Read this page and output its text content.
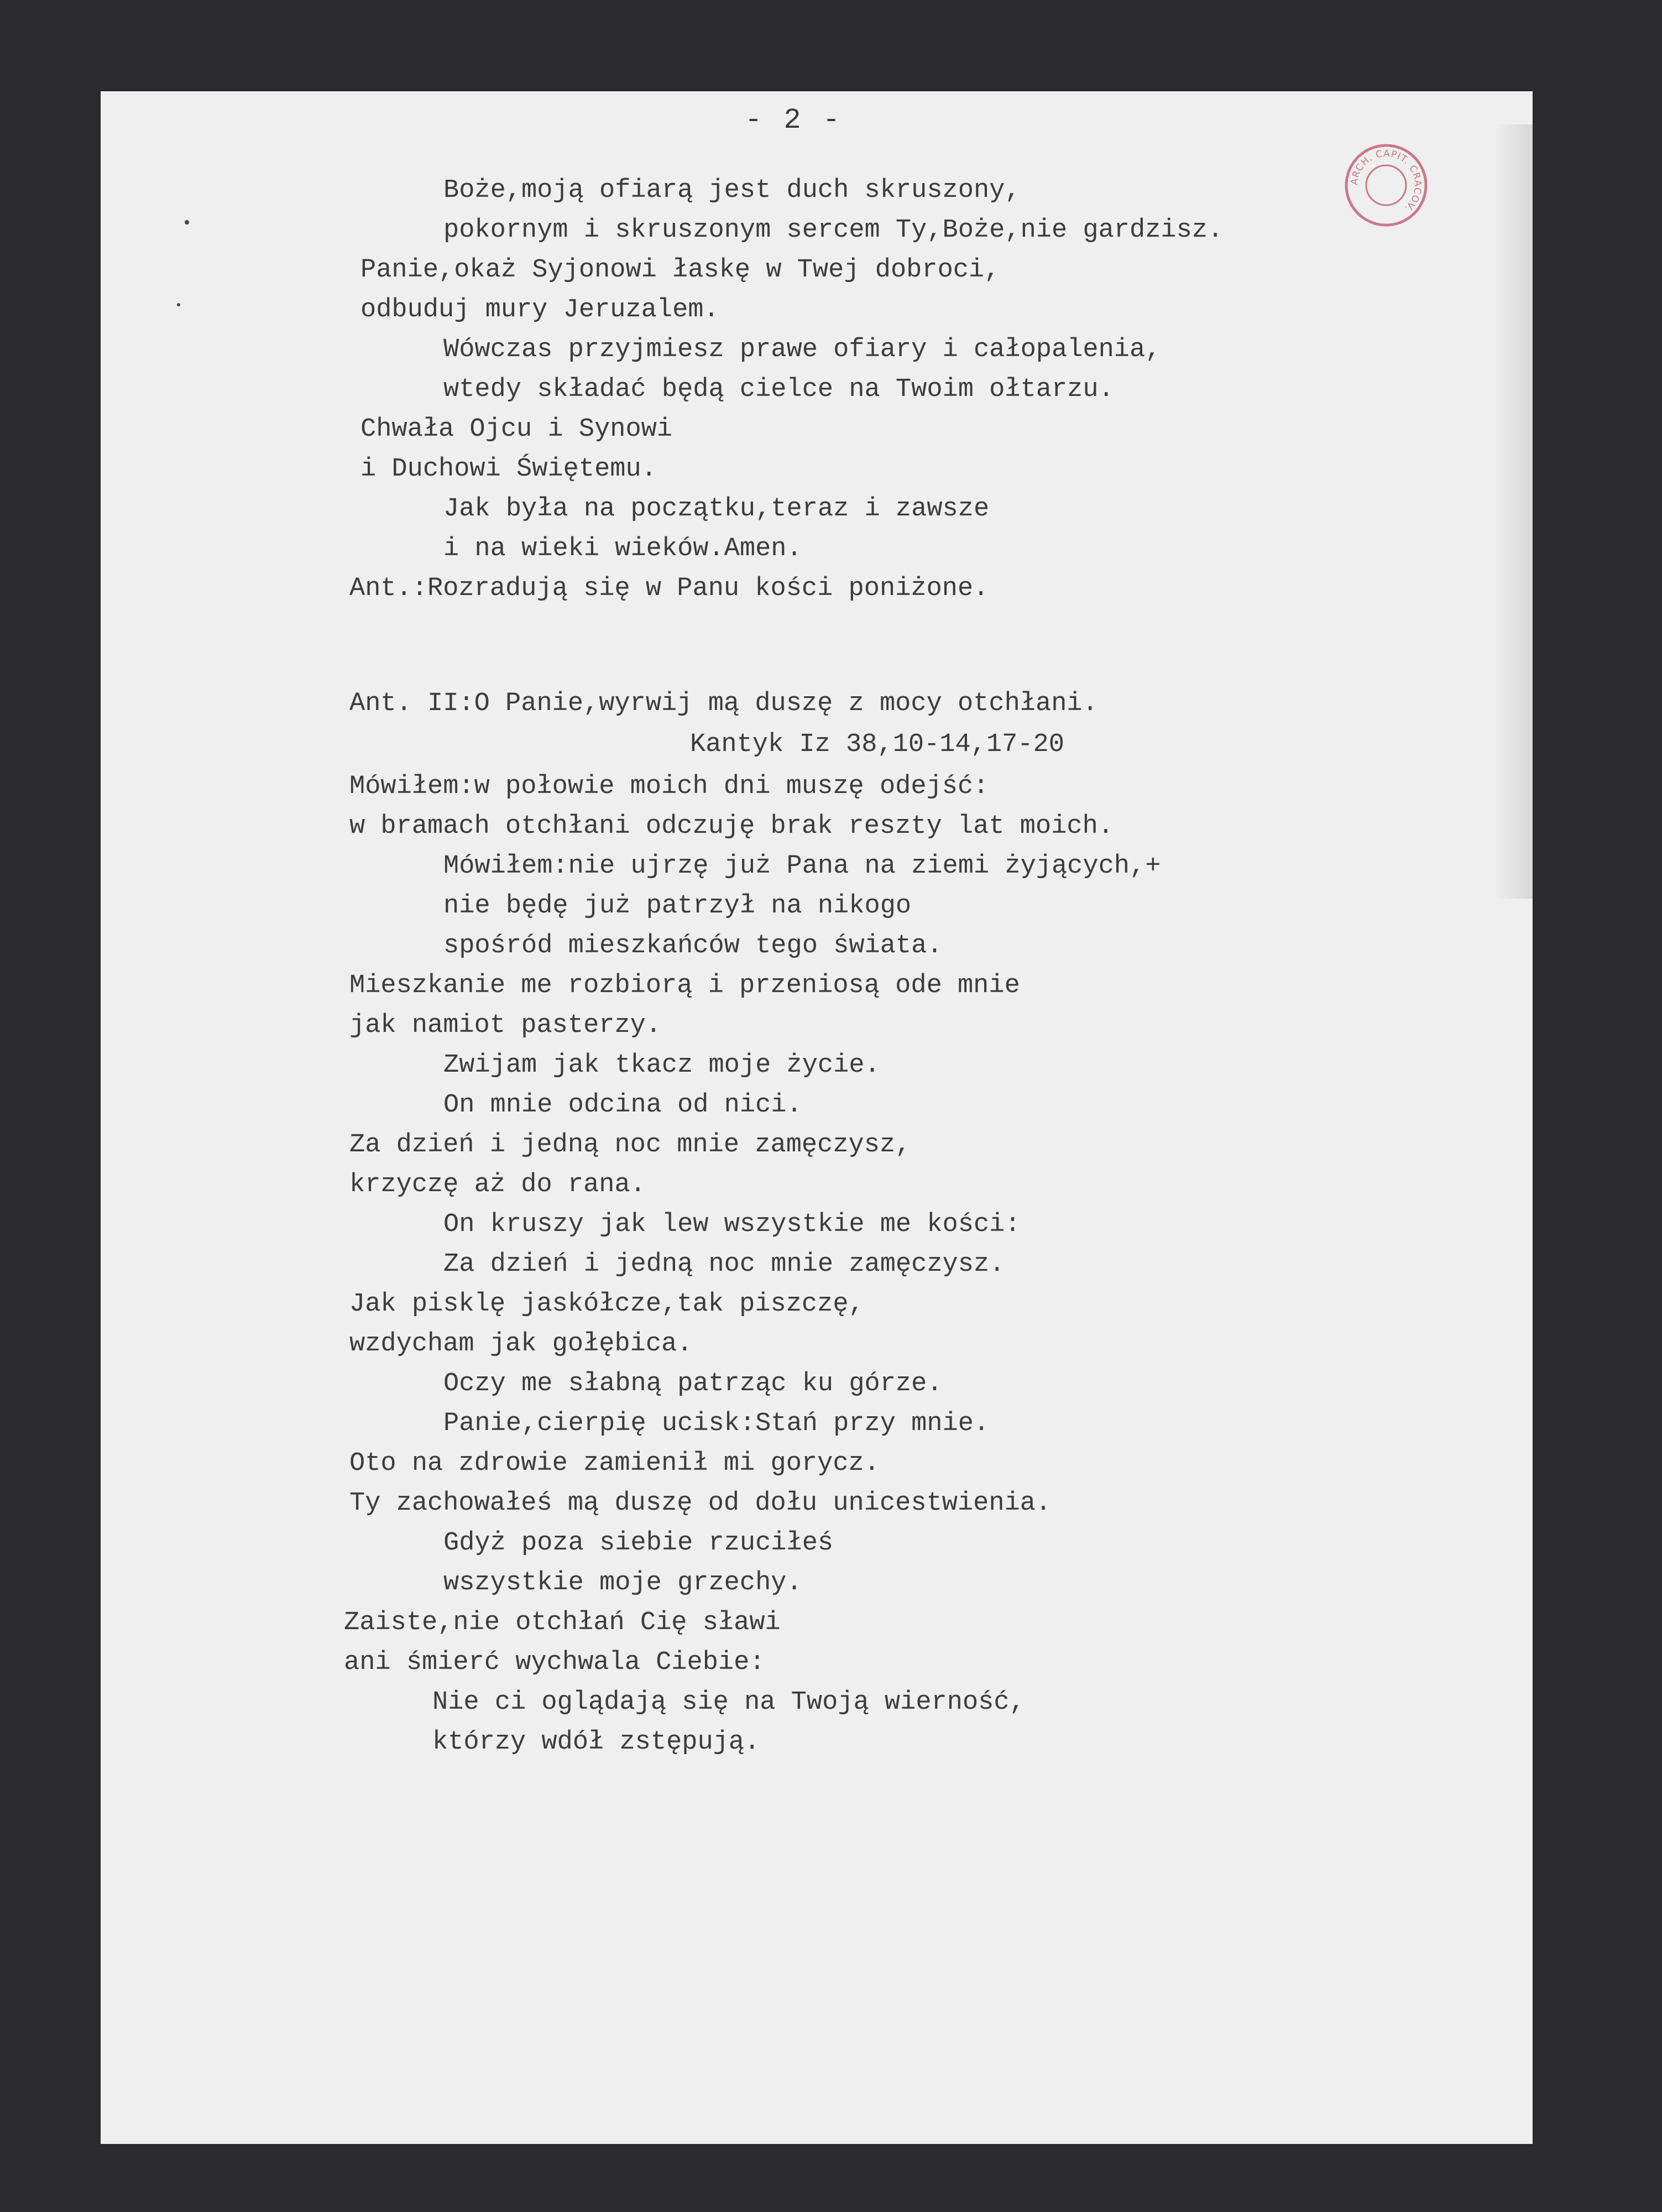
- 2 -
ARCH. CAPIT. CRACOV.
Boże,moją ofiarą jest duch skruszony,
pokornym i skruszonym sercem Ty,Boże,nie gardzisz.
Panie,okaż Syjonowi łaskę w Twej dobroci,
odbuduj mury Jeruzalem.
Wówczas przyjmiesz prawe ofiary i całopalenia,
wtedy składać będą cielce na Twoim ołtarzu.
Chwała Ojcu i Synowi
i Duchowi Świętemu.
Jak była na początku,teraz i zawsze
i na wieki wieków.Amen.
Ant.:Rozradują się w Panu kości poniżone.
Ant. II:O Panie,wyrwij mą duszę z mocy otchłani.
Kantyk Iz 38,10-14,17-20
Mówiłem:w połowie moich dni muszę odejść:
w bramach otchłani odczuję brak reszty lat moich.
Mówiłem:nie ujrzę już Pana na ziemi żyjących,+
nie będę już patrzył na nikogo
spośród mieszkańców tego świata.
Mieszkanie me rozbiorą i przeniosą ode mnie
jak namiot pasterzy.
Zwijam jak tkacz moje życie.
On mnie odcina od nici.
Za dzień i jedną noc mnie zamęczysz,
krzyczę aż do rana.
On kruszy jak lew wszystkie me kości:
Za dzień i jedną noc mnie zamęczysz.
Jak pisklę jaskółcze,tak piszczę,
wzdycham jak gołębica.
Oczy me słabną patrząc ku górze.
Panie,cierpię ucisk:Stań przy mnie.
Oto na zdrowie zamienił mi gorycz.
Ty zachowałeś mą duszę od dołu unicestwienia.
Gdyż poza siebie rzuciłeś
wszystkie moje grzechy.
Zaiste,nie otchłań Cię sławi
ani śmierć wychwala Ciebie:
Nie ci oglądają się na Twoją wierność,
którzy wdół zstępują.
